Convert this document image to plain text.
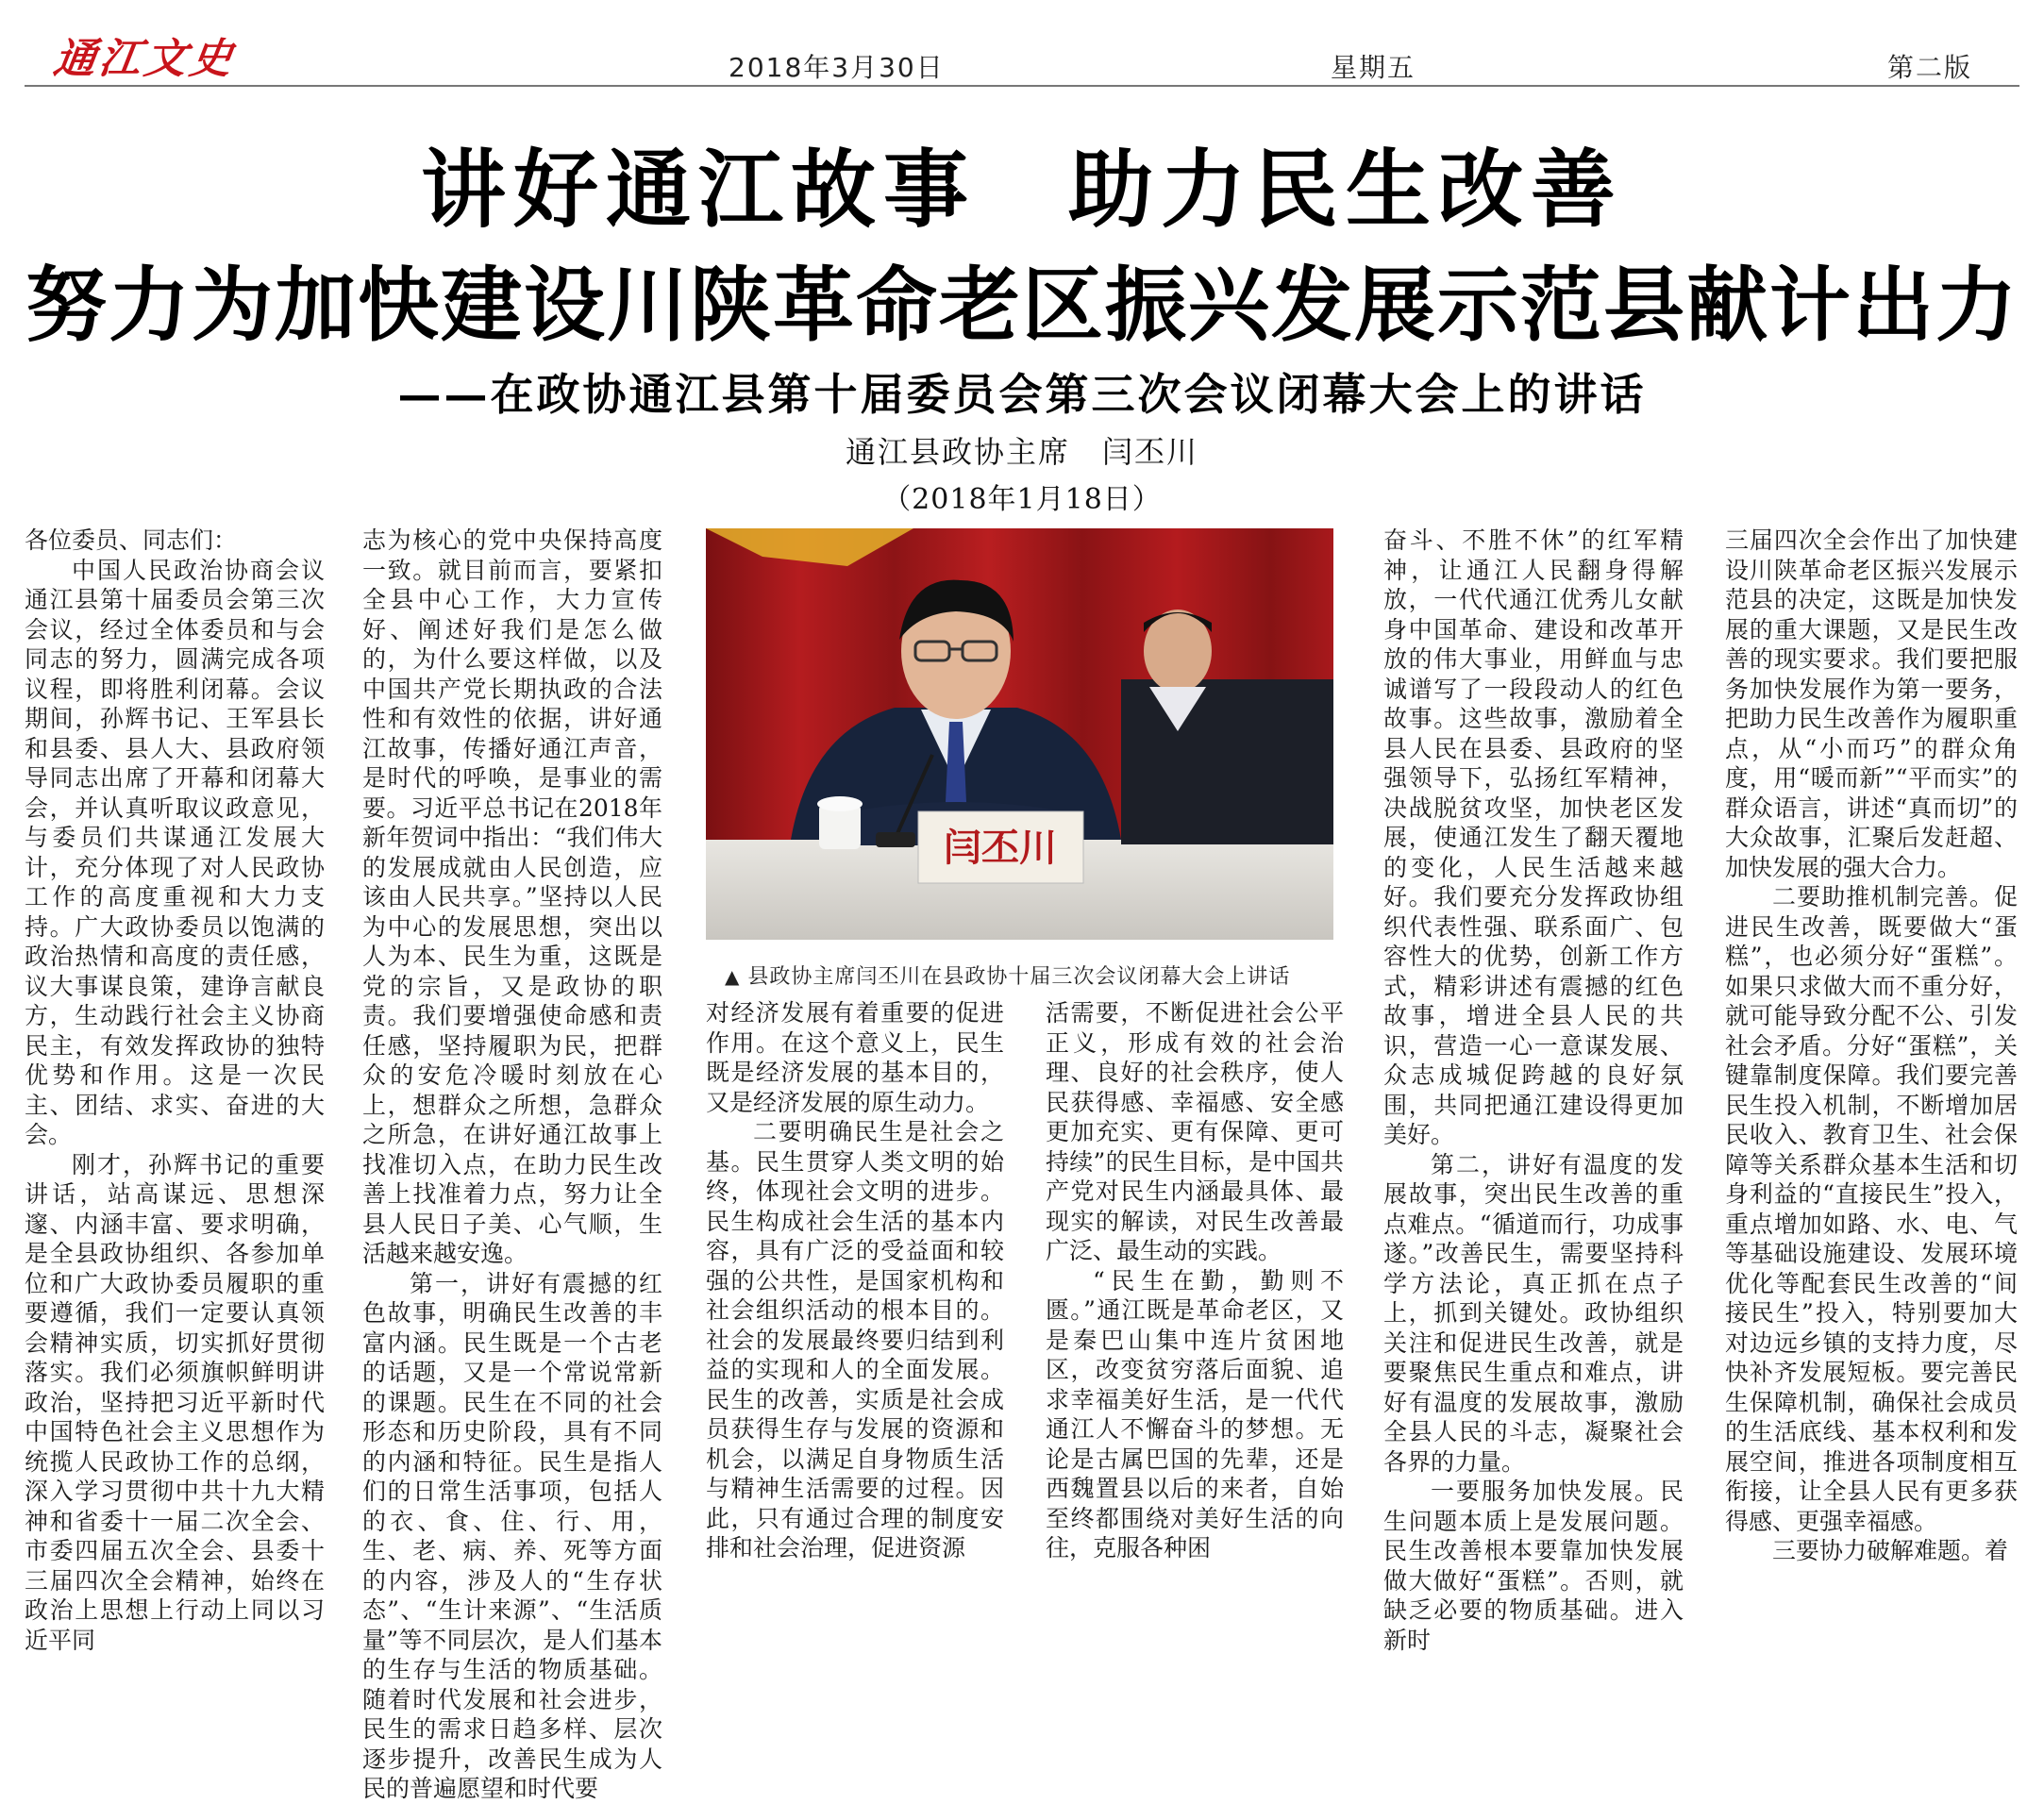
通江文史	2018年3月30日	星期五	第二版
讲好通江故事　助力民生改善
努力为加快建设川陕革命老区振兴发展示范县献计出力
——在政协通江县第十届委员会第三次会议闭幕大会上的讲话
通江县政协主席　闫丕川
（2018年1月18日）

各位委员、同志们：

中国人民政治协商会议通江县第十届委员会第三次会议，经过全体委员和与会同志的努力，圆满完成各项议程，即将胜利闭幕。会议期间，孙辉书记、王军县长和县委、县人大、县政府领导同志出席了开幕和闭幕大会，并认真听取议政意见，与委员们共谋通江发展大计，充分体现了对人民政协工作的高度重视和大力支持。广大政协委员以饱满的政治热情和高度的责任感，议大事谋良策，建诤言献良方，生动践行社会主义协商民主，有效发挥政协的独特优势和作用。这是一次民主、团结、求实、奋进的大会。

刚才，孙辉书记的重要讲话，站高谋远、思想深邃、内涵丰富、要求明确，是全县政协组织、各参加单位和广大政协委员履职的重要遵循，我们一定要认真领会精神实质，切实抓好贯彻落实。我们必须旗帜鲜明讲政治，坚持把习近平新时代中国特色社会主义思想作为统揽人民政协工作的总纲，深入学习贯彻中共十九大精神和省委十一届二次全会、市委四届五次全会、县委十三届四次全会精神，始终在政治上思想上行动上同以习近平同

志为核心的党中央保持高度一致。就目前而言，要紧扣全县中心工作，大力宣传好、阐述好我们是怎么做的，为什么要这样做，以及中国共产党长期执政的合法性和有效性的依据，讲好通江故事，传播好通江声音，是时代的呼唤，是事业的需要。习近平总书记在2018年新年贺词中指出：“我们伟大的发展成就由人民创造，应该由人民共享。”坚持以人民为中心的发展思想，突出以人为本、民生为重，这既是党的宗旨，又是政协的职责。我们要增强使命感和责任感，坚持履职为民，把群众的安危冷暖时刻放在心上，想群众之所想，急群众之所急，在讲好通江故事上找准切入点，在助力民生改善上找准着力点，努力让全县人民日子美、心气顺，生活越来越安逸。

第一，讲好有震撼的红色故事，明确民生改善的丰富内涵。民生既是一个古老的话题，又是一个常说常新的课题。民生在不同的社会形态和历史阶段，具有不同的内涵和特征。民生是指人们的日常生活事项，包括人的衣、食、住、行、用，生、老、病、养、死等方面的内容，涉及人的“生存状态”、“生计来源”、“生活质量”等不同层次，是人们基本的生存与生活的物质基础。随着时代发展和社会进步，民生的需求日趋多样、层次逐步提升，改善民生成为人民的普遍愿望和时代要

对经济发展有着重要的促进作用。在这个意义上，民生既是经济发展的基本目的，又是经济发展的原生动力。

二要明确民生是社会之基。民生贯穿人类文明的始终，体现社会文明的进步。民生构成社会生活的基本内容，具有广泛的受益面和较强的公共性，是国家机构和社会组织活动的根本目的。社会的发展最终要归结到利益的实现和人的全面发展。民生的改善，实质是社会成员获得生存与发展的资源和机会，以满足自身物质生活与精神生活需要的过程。因此，只有通过合理的制度安排和社会治理，促进资源

活需要，不断促进社会公平正义，形成有效的社会治理、良好的社会秩序，使人民获得感、幸福感、安全感更加充实、更有保障、更可持续”的民生目标，是中国共产党对民生内涵最具体、最现实的解读，对民生改善最广泛、最生动的实践。

“民生在勤，勤则不匮。”通江既是革命老区，又是秦巴山集中连片贫困地区，改变贫穷落后面貌、追求幸福美好生活，是一代代通江人不懈奋斗的梦想。无论是古属巴国的先辈，还是西魏置县以后的来者，自始至终都围绕对美好生活的向往，克服各种困

奋斗、不胜不休”的红军精神，让通江人民翻身得解放，一代代通江优秀儿女献身中国革命、建设和改革开放的伟大事业，用鲜血与忠诚谱写了一段段动人的红色故事。这些故事，激励着全县人民在县委、县政府的坚强领导下，弘扬红军精神，决战脱贫攻坚，加快老区发展，使通江发生了翻天覆地的变化，人民生活越来越好。我们要充分发挥政协组织代表性强、联系面广、包容性大的优势，创新工作方式，精彩讲述有震撼的红色故事，增进全县人民的共识，营造一心一意谋发展、众志成城促跨越的良好氛围，共同把通江建设得更加美好。

第二，讲好有温度的发展故事，突出民生改善的重点难点。“循道而行，功成事遂。”改善民生，需要坚持科学方法论，真正抓在点子上，抓到关键处。政协组织关注和促进民生改善，就是要聚焦民生重点和难点，讲好有温度的发展故事，激励全县人民的斗志，凝聚社会各界的力量。

一要服务加快发展。民生问题本质上是发展问题。民生改善根本要靠加快发展做大做好“蛋糕”。否则，就缺乏必要的物质基础。进入新时

三届四次全会作出了加快建设川陕革命老区振兴发展示范县的决定，这既是加快发展的重大课题，又是民生改善的现实要求。我们要把服务加快发展作为第一要务，把助力民生改善作为履职重点，从“小而巧”的群众角度，用“暖而新”“平而实”的群众语言，讲述“真而切”的大众故事，汇聚后发赶超、加快发展的强大合力。

二要助推机制完善。促进民生改善，既要做大“蛋糕”，也必须分好“蛋糕”。如果只求做大而不重分好，就可能导致分配不公、引发社会矛盾。分好“蛋糕”，关键靠制度保障。我们要完善民生投入机制，不断增加居民收入、教育卫生、社会保障等关系群众基本生活和切身利益的“直接民生”投入，重点增加如路、水、电、气等基础设施建设、发展环境优化等配套民生改善的“间接民生”投入，特别要加大对边远乡镇的支持力度，尽快补齐发展短板。要完善民生保障机制，确保社会成员的生活底线、基本权利和发展空间，推进各项制度相互衔接，让全县人民有更多获得感、更强幸福感。

三要协力破解难题。着

闫丕川
▲ 县政协主席闫丕川在县政协十届三次会议闭幕大会上讲话
